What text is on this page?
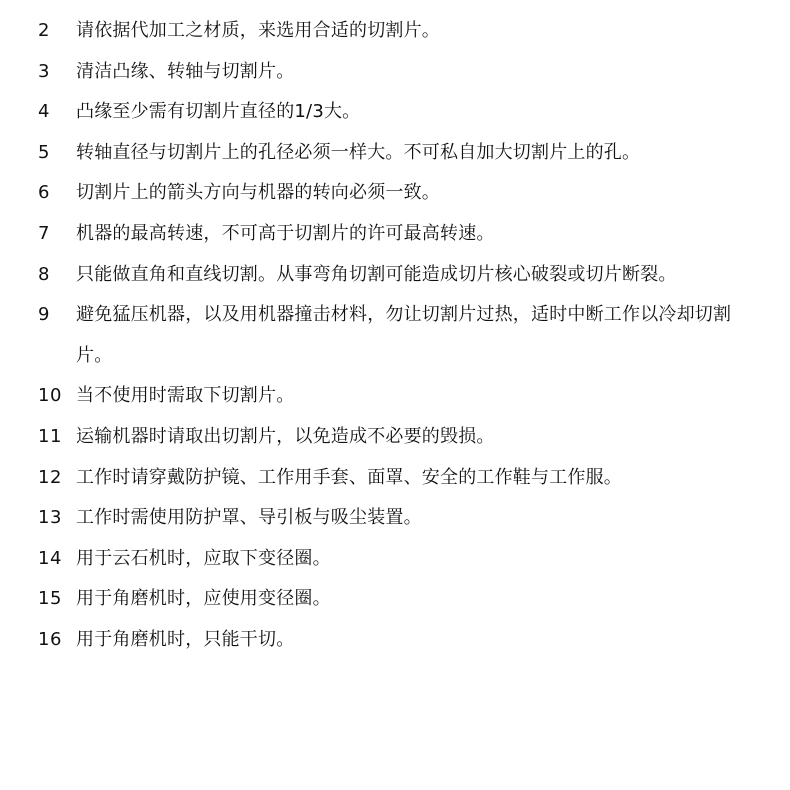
2	请依据代加工之材质，来选用合适的切割片。
3	清洁凸缘、转轴与切割片。
4	凸缘至少需有切割片直径的1/3大。
5	转轴直径与切割片上的孔径必须一样大。不可私自加大切割片上的孔。
6	切割片上的箭头方向与机器的转向必须一致。
7	机器的最高转速，不可高于切割片的许可最高转速。
8	只能做直角和直线切割。从事弯角切割可能造成切片核心破裂或切片断裂。
9	避免猛压机器，以及用机器撞击材料，勿让切割片过热，适时中断工作以冷却切割片。
10 当不使用时需取下切割片。
11 运输机器时请取出切割片，以免造成不必要的毁损。
12 工作时请穿戴防护镜、工作用手套、面罩、安全的工作鞋与工作服。
13 工作时需使用防护罩、导引板与吸尘装置。
14 用于云石机时，应取下变径圈。
15 用于角磨机时，应使用变径圈。
16 用于角磨机时，只能干切。
